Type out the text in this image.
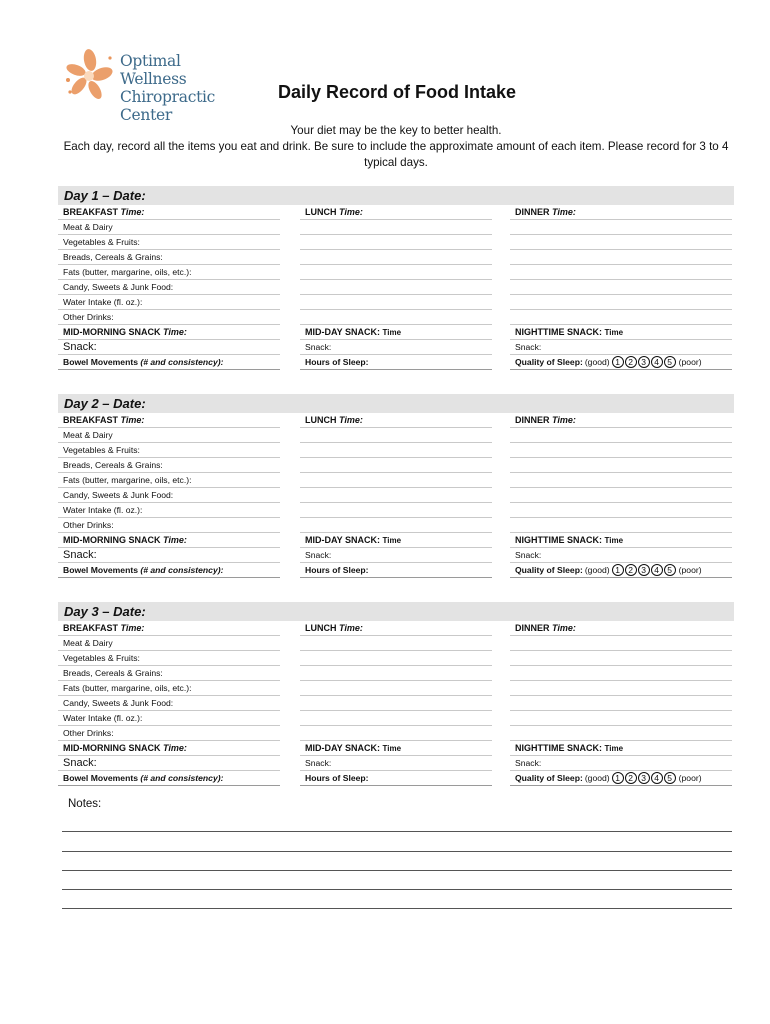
Optimal Wellness
Chiropractic Center
Daily Record of Food Intake
Your diet may be the key to better health.
Each day, record all the items you eat and drink. Be sure to include the approximate amount of each item. Please record for 3 to 4 typical days.
Day 1 – Date:
BREAKFAST Time:
Meat & Dairy
Vegetables & Fruits:
Breads, Cereals & Grains:
Fats (butter, margarine, oils, etc.):
Candy, Sweets & Junk Food:
Water Intake (fl. oz.):
Other Drinks:
MID-MORNING SNACK Time:
Snack:
Bowel Movements (# and consistency):
LUNCH Time:
MID-DAY SNACK: Time
Snack:
Hours of Sleep:
DINNER Time:
NIGHTTIME SNACK: Time
Snack:
Quality of Sleep: (good) 1 2 3 4 5 (poor)
Day 2 – Date:
BREAKFAST Time:
Meat & Dairy
Vegetables & Fruits:
Breads, Cereals & Grains:
Fats (butter, margarine, oils, etc.):
Candy, Sweets & Junk Food:
Water Intake (fl. oz.):
Other Drinks:
MID-MORNING SNACK Time:
Snack:
Bowel Movements (# and consistency):
LUNCH Time:
MID-DAY SNACK: Time
Snack:
Hours of Sleep:
DINNER Time:
NIGHTTIME SNACK: Time
Snack:
Quality of Sleep: (good) 1 2 3 4 5 (poor)
Day 3 – Date:
BREAKFAST Time:
Meat & Dairy
Vegetables & Fruits:
Breads, Cereals & Grains:
Fats (butter, margarine, oils, etc.):
Candy, Sweets & Junk Food:
Water Intake (fl. oz.):
Other Drinks:
MID-MORNING SNACK Time:
Snack:
Bowel Movements (# and consistency):
LUNCH Time:
MID-DAY SNACK: Time
Snack:
Hours of Sleep:
DINNER Time:
NIGHTTIME SNACK: Time
Snack:
Quality of Sleep: (good) 1 2 3 4 5 (poor)
Notes:
